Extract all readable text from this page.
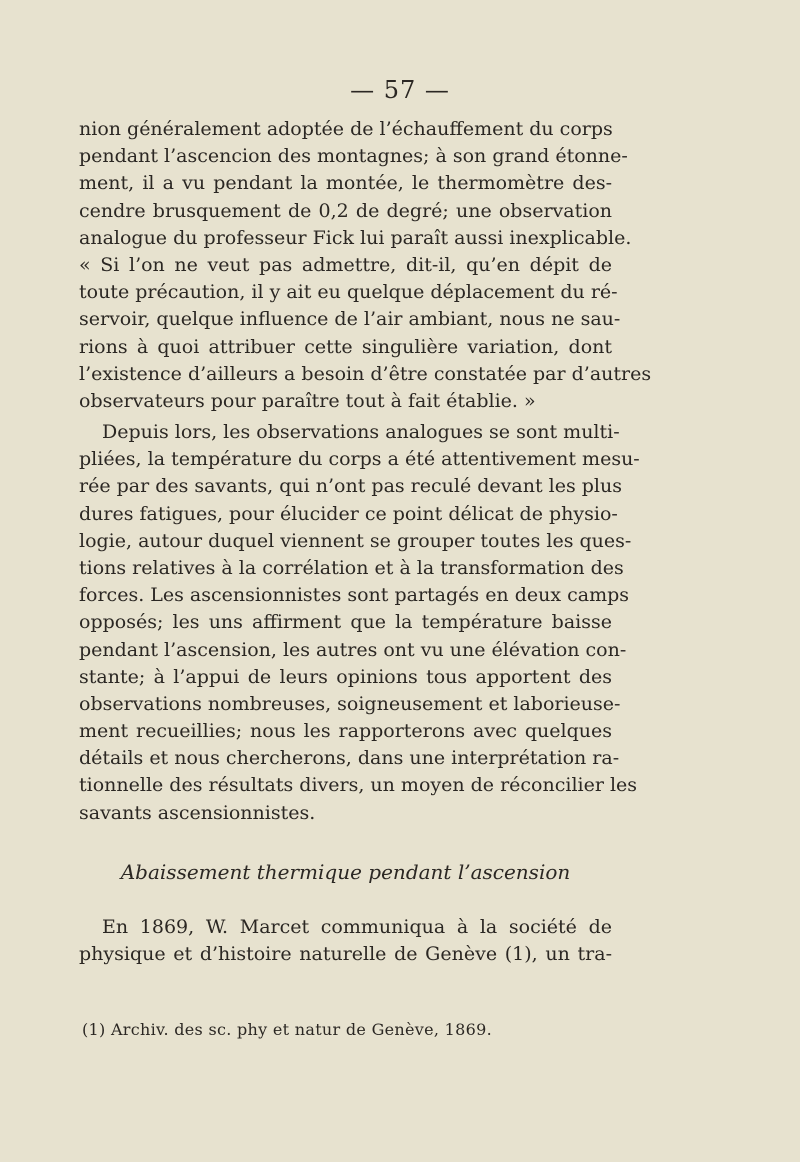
— 57 —
nion généralement adoptée de l’échauffement du corps
pendant l’ascencion des montagnes; à son grand étonne-
ment, il a vu pendant la montée, le thermomètre des-
cendre brusquement de 0,2 de degré; une observation
analogue du professeur Fick lui paraît aussi inexplicable.
« Si l’on ne veut pas admettre, dit-il, qu’en dépit de
toute précaution, il y ait eu quelque déplacement du ré-
servoir, quelque influence de l’air ambiant, nous ne sau-
rions à quoi attribuer cette singulière variation, dont
l’existence d’ailleurs a besoin d’être constatée par d’autres
observateurs pour paraître tout à fait établie. »
Depuis lors, les observations analogues se sont multi-
pliées, la température du corps a été attentivement mesu-
rée par des savants, qui n’ont pas reculé devant les plus
dures fatigues, pour élucider ce point délicat de physio-
logie, autour duquel viennent se grouper toutes les ques-
tions relatives à la corrélation et à la transformation des
forces. Les ascensionnistes sont partagés en deux camps
opposés; les uns affirment que la température baisse
pendant l’ascension, les autres ont vu une élévation con-
stante; à l’appui de leurs opinions tous apportent des
observations nombreuses, soigneusement et laborieuse-
ment recueillies; nous les rapporterons avec quelques
détails et nous chercherons, dans une interprétation ra-
tionnelle des résultats divers, un moyen de réconcilier les
savants ascensionnistes.
Abaissement thermique pendant l’ascension
En 1869, W. Marcet communiqua à la société de
physique et d’histoire naturelle de Genève (1), un tra-
(1) Archiv. des sc. phy et natur de Genève, 1869.
